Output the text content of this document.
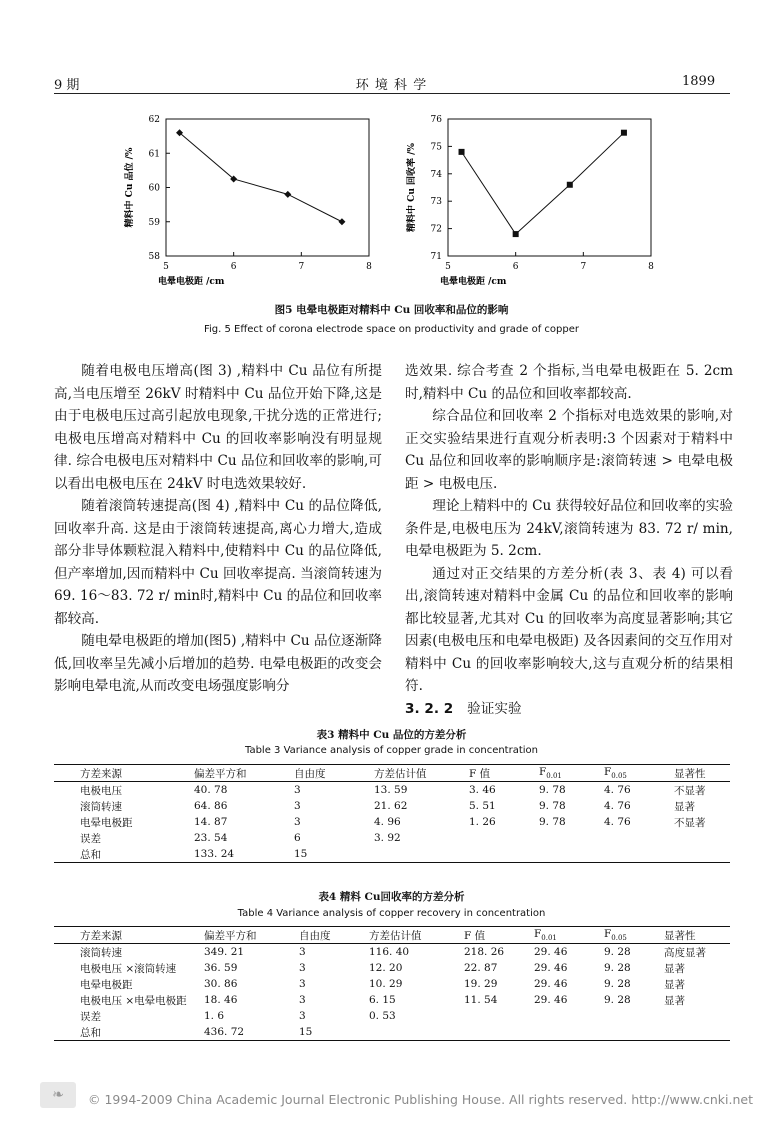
9 期	环 境 科 学	1899
5	6	7	8
58
59
60
61
62
电晕电极距 /cm
精料中 Cu 品位 /%
5	6	7	8
71
72
73
74
75
76
电晕电极距 /cm
精料中 Cu 回收率 /%
图5 电晕电极距对精料中 Cu 回收率和品位的影响
Fig. 5 Effect of corona electrode space on productivity and grade of copper

随着电极电压增高(图 3) ,精料中 Cu 品位有所提高,当电压增至 26kV 时精料中 Cu 品位开始下降,这是由于电极电压过高引起放电现象,干扰分选的正常进行;电极电压增高对精料中 Cu 的回收率影响没有明显规律. 综合电极电压对精料中 Cu 品位和回收率的影响,可以看出电极电压在 24kV 时电选效果较好.

随着滚筒转速提高(图 4) ,精料中 Cu 的品位降低,回收率升高. 这是由于滚筒转速提高,离心力增大,造成部分非导体颗粒混入精料中,使精料中 Cu 的品位降低,但产率增加,因而精料中 Cu 回收率提高. 当滚筒转速为 69. 16～83. 72 r/ min时,精料中 Cu 的品位和回收率都较高.

随电晕电极距的增加(图5) ,精料中 Cu 品位逐渐降低,回收率呈先减小后增加的趋势. 电晕电极距的改变会影响电晕电流,从而改变电场强度影响分

选效果. 综合考查 2 个指标,当电晕电极距在 5. 2cm 时,精料中 Cu 的品位和回收率都较高.

综合品位和回收率 2 个指标对电选效果的影响,对正交实验结果进行直观分析表明:3 个因素对于精料中 Cu 品位和回收率的影响顺序是:滚筒转速 > 电晕电极距 > 电极电压.

理论上精料中的 Cu 获得较好品位和回收率的实验条件是,电极电压为 24kV,滚筒转速为 83. 72 r/ min,电晕电极距为 5. 2cm.

通过对正交结果的方差分析(表 3、表 4) 可以看出,滚筒转速对精料中金属 Cu 的品位和回收率的影响都比较显著,尤其对 Cu 的回收率为高度显著影响;其它因素(电极电压和电晕电极距) 及各因素间的交互作用对精料中 Cu 的回收率影响较大,这与直观分析的结果相符.

3. 2. 2 验证实验

表3 精料中 Cu 品位的方差分析
Table 3 Variance analysis of copper grade in concentration
方差来源	偏差平方和	自由度	方差估计值	F 值	$F_{0.01}$	$F_{0.05}$	显著性
电极电压	40. 78	3	13. 59	3. 46	9. 78	4. 76	不显著
滚筒转速	64. 86	3	21. 62	5. 51	9. 78	4. 76	显著
电晕电极距	14. 87	3	4. 96	1. 26	9. 78	4. 76	不显著
误差	23. 54	6	3. 92				
总和	133. 24	15					
表4 精料 Cu回收率的方差分析
Table 4 Variance analysis of copper recovery in concentration
方差来源	偏差平方和	自由度	方差估计值	F 值	$F_{0.01}$	$F_{0.05}$	显著性
滚筒转速	349. 21	3	116. 40	218. 26	29. 46	9. 28	高度显著
电极电压 ×滚筒转速	36. 59	3	12. 20	22. 87	29. 46	9. 28	显著
电晕电极距	30. 86	3	10. 29	19. 29	29. 46	9. 28	显著
电极电压 ×电晕电极距	18. 46	3	6. 15	11. 54	29. 46	9. 28	显著
误差	1. 6	3	0. 53				
总和	436. 72	15					
❧	© 1994-2009 China Academic Journal Electronic Publishing House. All rights reserved. http://www.cnki.net
